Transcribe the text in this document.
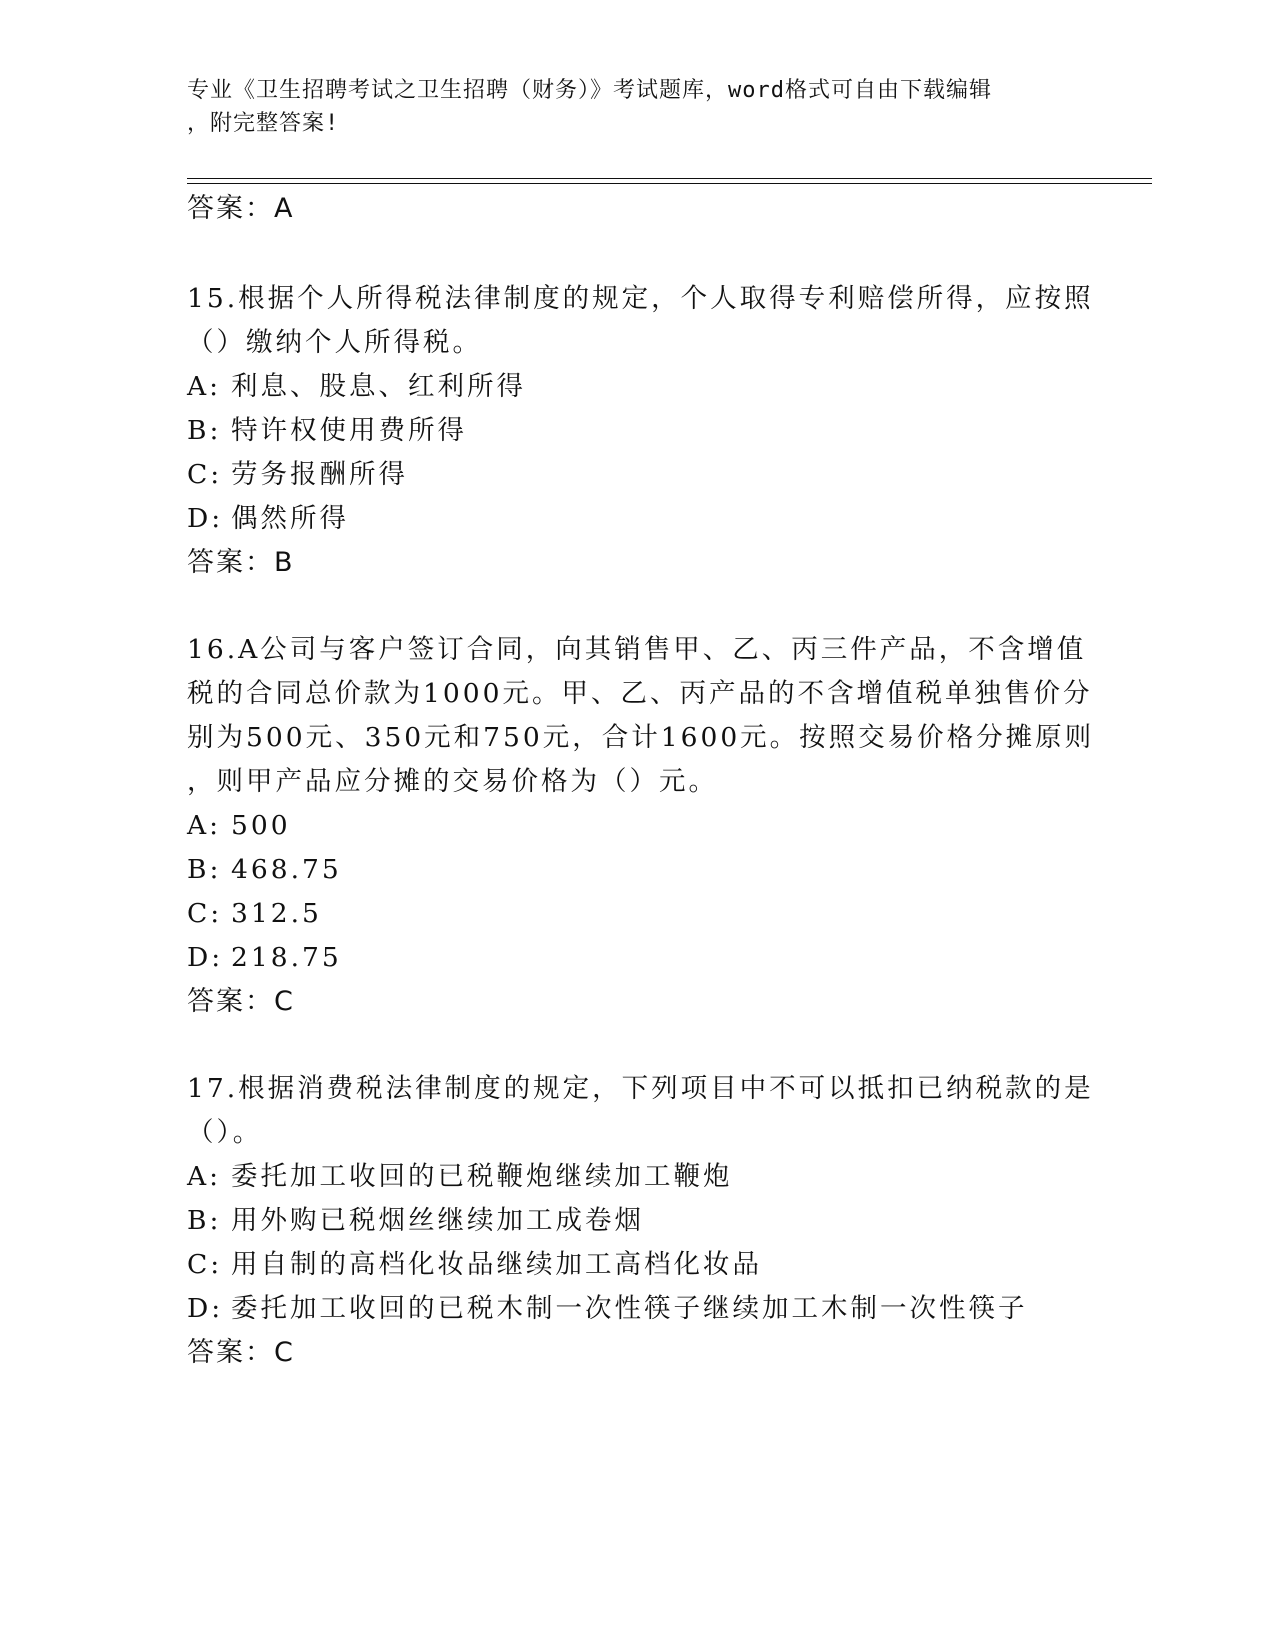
专业《卫生招聘考试之卫生招聘（财务）》考试题库，word格式可自由下载编辑
，附完整答案!
答案：A
15.根据个人所得税法律制度的规定，个人取得专利赔偿所得，应按照
（）缴纳个人所得税。
A: 利息、股息、红利所得
B: 特许权使用费所得
C: 劳务报酬所得
D: 偶然所得
答案：B
16.A公司与客户签订合同，向其销售甲、乙、丙三件产品，不含增值
税的合同总价款为1000元。甲、乙、丙产品的不含增值税单独售价分
别为500元、350元和750元，合计1600元。按照交易价格分摊原则
，则甲产品应分摊的交易价格为（）元。
A: 500
B: 468.75
C: 312.5
D: 218.75
答案：C
17.根据消费税法律制度的规定，下列项目中不可以抵扣已纳税款的是
（）。
A: 委托加工收回的已税鞭炮继续加工鞭炮
B: 用外购已税烟丝继续加工成卷烟
C: 用自制的高档化妆品继续加工高档化妆品
D: 委托加工收回的已税木制一次性筷子继续加工木制一次性筷子
答案：C
